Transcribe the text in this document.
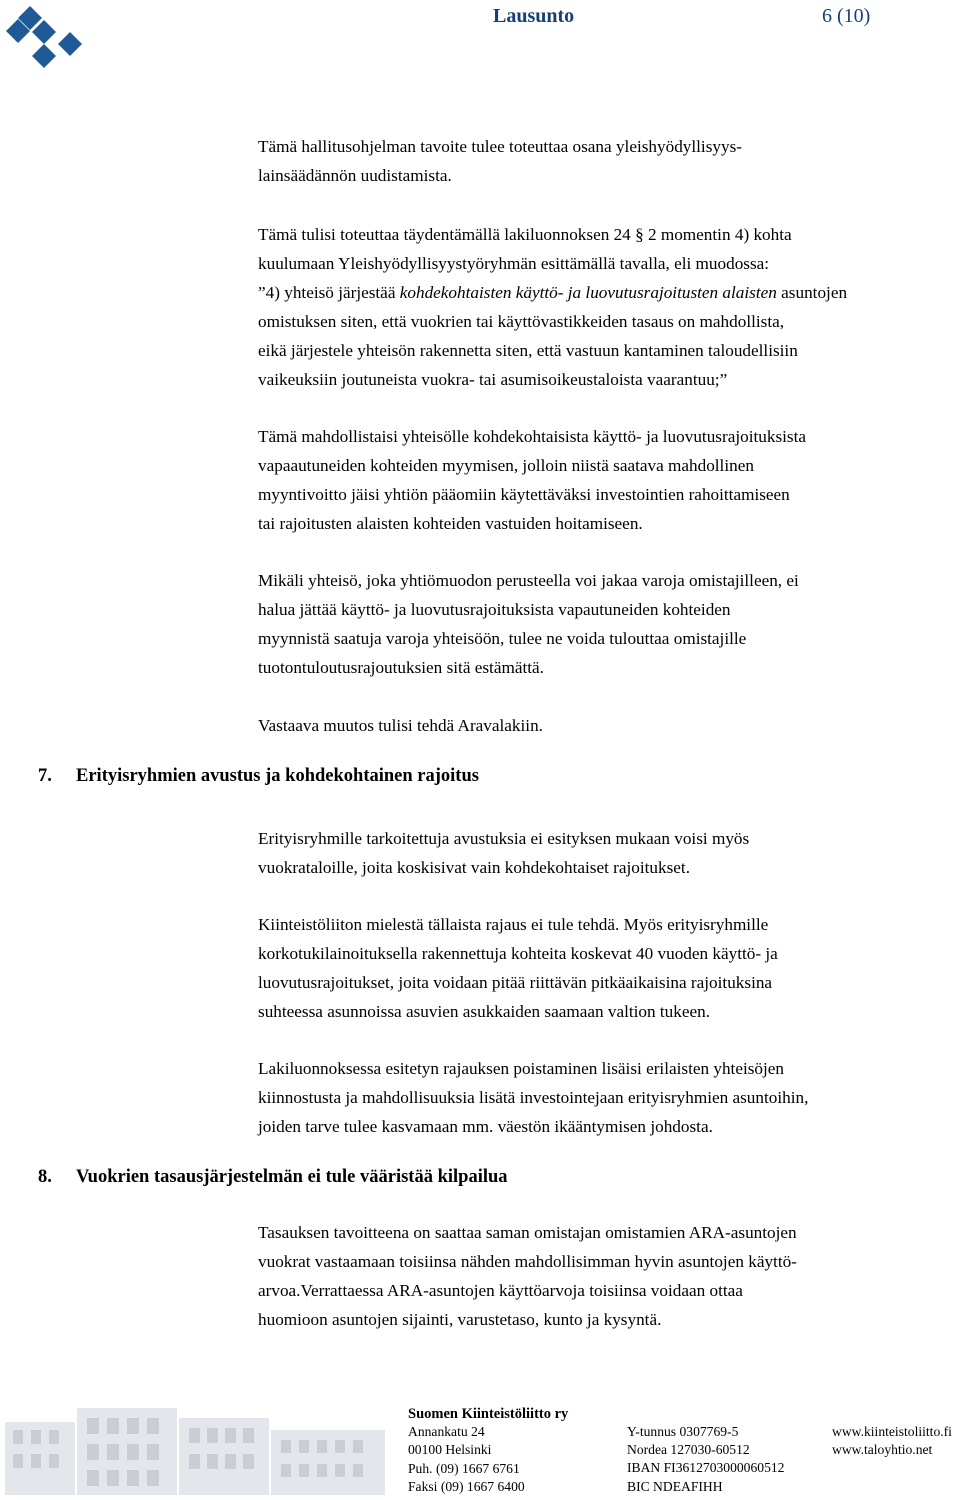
Lausunto	6 (10)

Tämä hallitusohjelman tavoite tulee toteuttaa osana yleishyödyllisyys-
lainsäädännön uudistamista.

Tämä tulisi toteuttaa täydentämällä lakiluonnoksen 24 § 2 momentin 4) kohta
kuulumaan Yleishyödyllisyystyöryhmän esittämällä tavalla, eli muodossa:
”4) yhteisö järjestää kohdekohtaisten käyttö- ja luovutusrajoitusten alaisten asuntojen
omistuksen siten, että vuokrien tai käyttövastikkeiden tasaus on mahdollista,
eikä järjestele yhteisön rakennetta siten, että vastuun kantaminen taloudellisiin
vaikeuksiin joutuneista vuokra- tai asumisoikeustaloista vaarantuu;”

Tämä mahdollistaisi yhteisölle kohdekohtaisista käyttö- ja luovutusrajoituksista
vapaautuneiden kohteiden myymisen, jolloin niistä saatava mahdollinen
myyntivoitto jäisi yhtiön pääomiin käytettäväksi investointien rahoittamiseen
tai rajoitusten alaisten kohteiden vastuiden hoitamiseen.

Mikäli yhteisö, joka yhtiömuodon perusteella voi jakaa varoja omistajilleen, ei
halua jättää käyttö- ja luovutusrajoituksista vapautuneiden kohteiden
myynnistä saatuja varoja yhteisöön, tulee ne voida tulouttaa omistajille
tuotontuloutusrajoutuksien sitä estämättä.

Vastaava muutos tulisi tehdä Aravalakiin.

7. Erityisryhmien avustus ja kohdekohtainen rajoitus

Erityisryhmille tarkoitettuja avustuksia ei esityksen mukaan voisi myös
vuokrataloille, joita koskisivat vain kohdekohtaiset rajoitukset.

Kiinteistöliiton mielestä tällaista rajaus ei tule tehdä. Myös erityisryhmille
korkotukilainoituksella rakennettuja kohteita koskevat 40 vuoden käyttö- ja
luovutusrajoitukset, joita voidaan pitää riittävän pitkäaikaisina rajoituksina
suhteessa asunnoissa asuvien asukkaiden saamaan valtion tukeen.

Lakiluonnoksessa esitetyn rajauksen poistaminen lisäisi erilaisten yhteisöjen
kiinnostusta ja mahdollisuuksia lisätä investointejaan erityisryhmien asuntoihin,
joiden tarve tulee kasvamaan mm. väestön ikääntymisen johdosta.

8. Vuokrien tasausjärjestelmän ei tule vääristää kilpailua

Tasauksen tavoitteena on saattaa saman omistajan omistamien ARA-asuntojen
vuokrat vastaamaan toisiinsa nähden mahdollisimman hyvin asuntojen käyttö-
arvoa.Verrattaessa ARA-asuntojen käyttöarvoja toisiinsa voidaan ottaa
huomioon asuntojen sijainti, varustetaso, kunto ja kysyntä.

Suomen Kiinteistöliitto ry
Annankatu 24
00100 Helsinki
Puh. (09) 1667 6761
Faksi (09) 1667 6400
Y-tunnus 0307769-5
Nordea 127030-60512
IBAN FI3612703000060512
BIC NDEAFIHH
www.kiinteistoliitto.fi
www.taloyhtio.net
